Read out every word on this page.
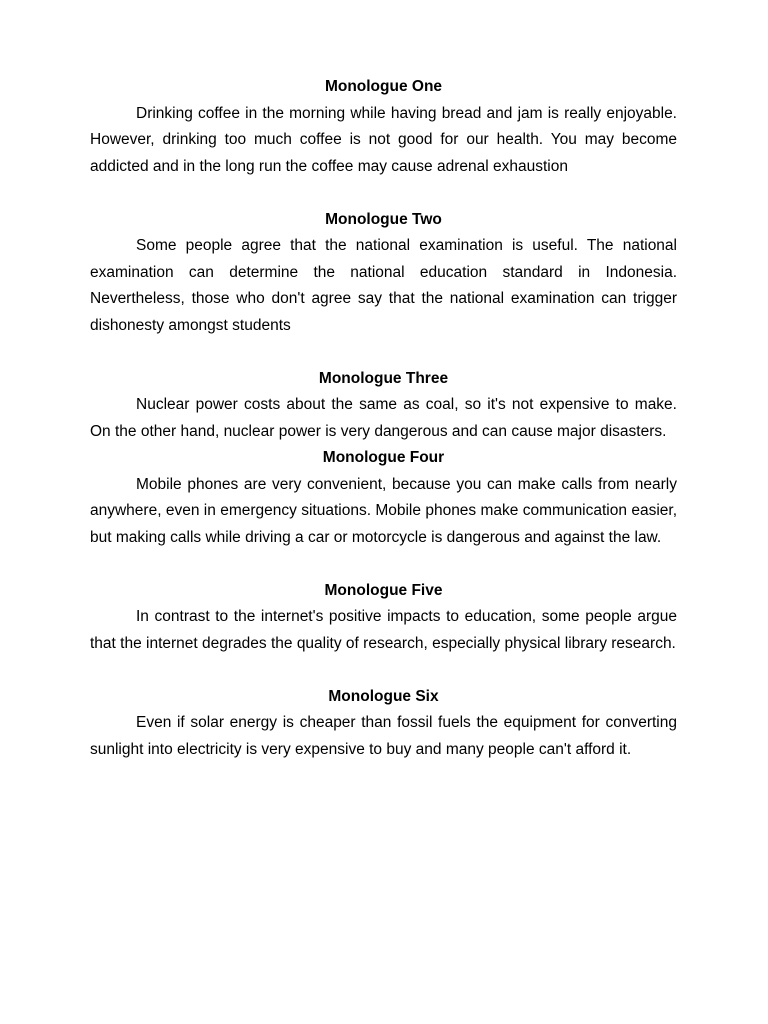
Monologue One

Drinking coffee in the morning while having bread and jam is really enjoyable. However, drinking too much coffee is not good for our health. You may become addicted and in the long run the coffee may cause adrenal exhaustion

Monologue Two

Some people agree that the national examination is useful. The national examination can determine the national education standard in Indonesia. Nevertheless, those who don't agree say that the national examination can trigger dishonesty amongst students

Monologue Three

Nuclear power costs about the same as coal, so it's not expensive to make. On the other hand, nuclear power is very dangerous and can cause major disasters.

Monologue Four

Mobile phones are very convenient, because you can make calls from nearly anywhere, even in emergency situations. Mobile phones make communication easier, but making calls while driving a car or motorcycle is dangerous and against the law.

Monologue Five

In contrast to the internet's positive impacts to education, some people argue that the internet degrades the quality of research, especially physical library research.

Monologue Six

Even if solar energy is cheaper than fossil fuels the equipment for converting sunlight into electricity is very expensive to buy and many people can't afford it.
